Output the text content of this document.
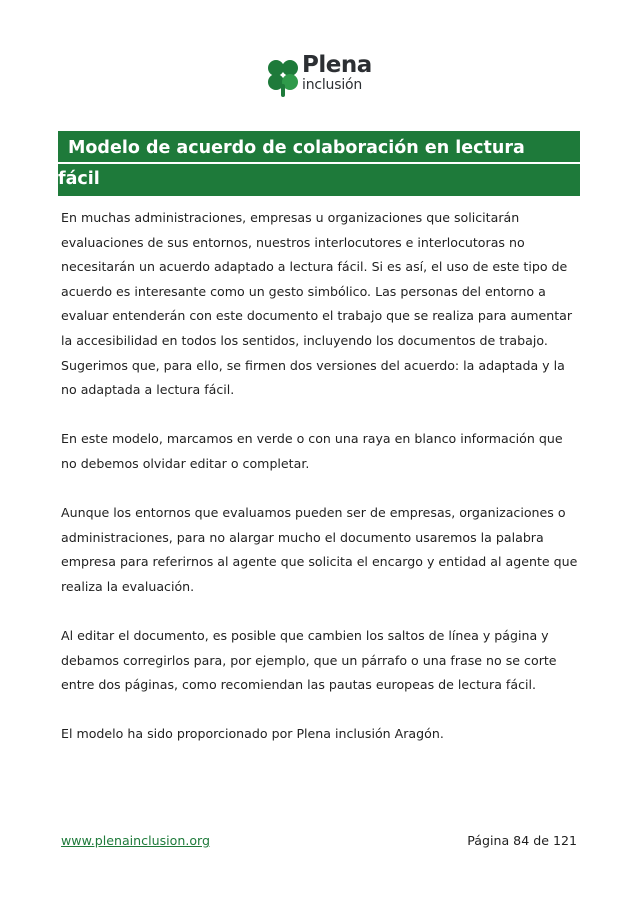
Plena
inclusión
Modelo de acuerdo de colaboración en lectura
fácil

En muchas administraciones, empresas u organizaciones que solicitarán evaluaciones de sus entornos, nuestros interlocutores e interlocutoras no necesitarán un acuerdo adaptado a lectura fácil. Si es así, el uso de este tipo de acuerdo es interesante como un gesto simbólico. Las personas del entorno a evaluar entenderán con este documento el trabajo que se realiza para aumentar la accesibilidad en todos los sentidos, incluyendo los documentos de trabajo. Sugerimos que, para ello, se firmen dos versiones del acuerdo: la adaptada y la no adaptada a lectura fácil.

En este modelo, marcamos en verde o con una raya en blanco información que no debemos olvidar editar o completar.

Aunque los entornos que evaluamos pueden ser de empresas, organizaciones o administraciones, para no alargar mucho el documento usaremos la palabra empresa para referirnos al agente que solicita el encargo y entidad al agente que realiza la evaluación.

Al editar el documento, es posible que cambien los saltos de línea y página y debamos corregirlos para, por ejemplo, que un párrafo o una frase no se corte entre dos páginas, como recomiendan las pautas europeas de lectura fácil.

El modelo ha sido proporcionado por Plena inclusión Aragón.

www.plenainclusion.org	Página 84 de 121
